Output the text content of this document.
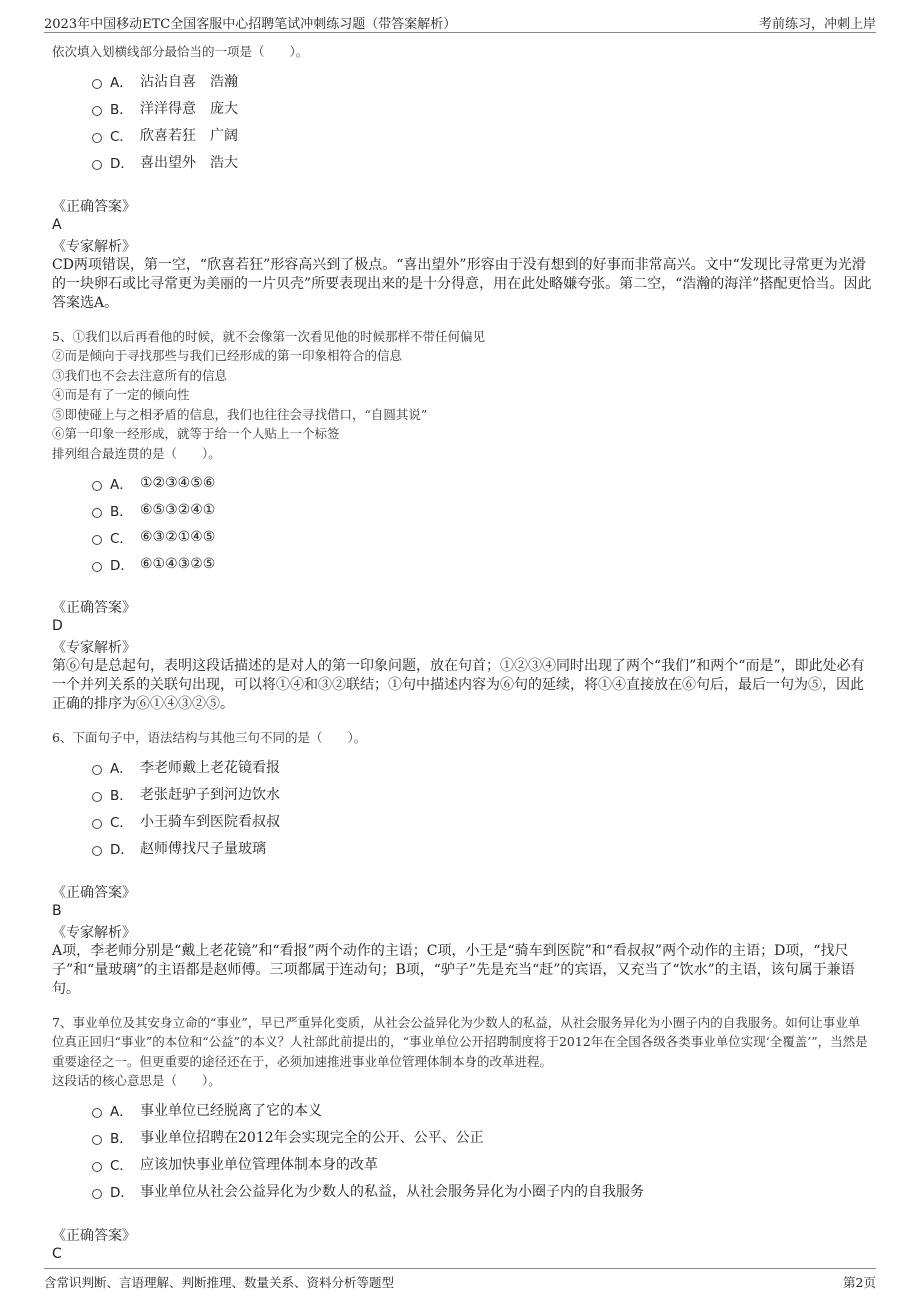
2023年中国移动ETC全国客服中心招聘笔试冲刺练习题（带答案解析）	考前练习，冲刺上岸

依次填入划横线部分最恰当的一项是（　　）。

A． 沾沾自喜　浩瀚
B． 洋洋得意　庞大
C． 欣喜若狂　广阔
D． 喜出望外　浩大
《正确答案》
A
《专家解析》
CD两项错误，第一空，“欣喜若狂”形容高兴到了极点。“喜出望外”形容由于没有想到的好事而非常高兴。文中“发现比寻常更为光滑的一块卵石或比寻常更为美丽的一片贝壳”所要表现出来的是十分得意，用在此处略嫌夸张。第二空，“浩瀚的海洋”搭配更恰当。因此答案选A。

5、①我们以后再看他的时候，就不会像第一次看见他的时候那样不带任何偏见

②而是倾向于寻找那些与我们已经形成的第一印象相符合的信息

③我们也不会去注意所有的信息

④而是有了一定的倾向性

⑤即使碰上与之相矛盾的信息，我们也往往会寻找借口，“自圆其说”

⑥第一印象一经形成，就等于给一个人贴上一个标签

排列组合最连贯的是（　　）。

A． ①②③④⑤⑥
B． ⑥⑤③②④①
C． ⑥③②①④⑤
D． ⑥①④③②⑤
《正确答案》
D
《专家解析》
第⑥句是总起句，表明这段话描述的是对人的第一印象问题，放在句首；①②③④同时出现了两个“我们”和两个“而是”，即此处必有一个并列关系的关联句出现，可以将①④和③②联结；①句中描述内容为⑥句的延续，将①④直接放在⑥句后，最后一句为⑤，因此正确的排序为⑥①④③②⑤。

6、下面句子中，语法结构与其他三句不同的是（　　）。

A． 李老师戴上老花镜看报
B． 老张赶驴子到河边饮水
C． 小王骑车到医院看叔叔
D． 赵师傅找尺子量玻璃
《正确答案》
B
《专家解析》
A项，李老师分别是“戴上老花镜”和“看报”两个动作的主语；C项，小王是“骑车到医院”和“看叔叔”两个动作的主语；D项，“找尺子”和“量玻璃”的主语都是赵师傅。三项都属于连动句；B项，“驴子”先是充当“赶”的宾语，又充当了“饮水”的主语，该句属于兼语句。

7、事业单位及其安身立命的“事业”，早已严重异化变质，从社会公益异化为少数人的私益，从社会服务异化为小圈子内的自我服务。如何让事业单位真正回归“事业”的本位和“公益”的本义？人社部此前提出的，“事业单位公开招聘制度将于2012年在全国各级各类事业单位实现‘全覆盖’”，当然是重要途径之一。但更重要的途径还在于，必须加速推进事业单位管理体制本身的改革进程。

这段话的核心意思是（　　）。

A． 事业单位已经脱离了它的本义
B． 事业单位招聘在2012年会实现完全的公开、公平、公正
C． 应该加快事业单位管理体制本身的改革
D． 事业单位从社会公益异化为少数人的私益，从社会服务异化为小圈子内的自我服务
《正确答案》
C
含常识判断、言语理解、判断推理、数量关系、资料分析等题型	第2页
